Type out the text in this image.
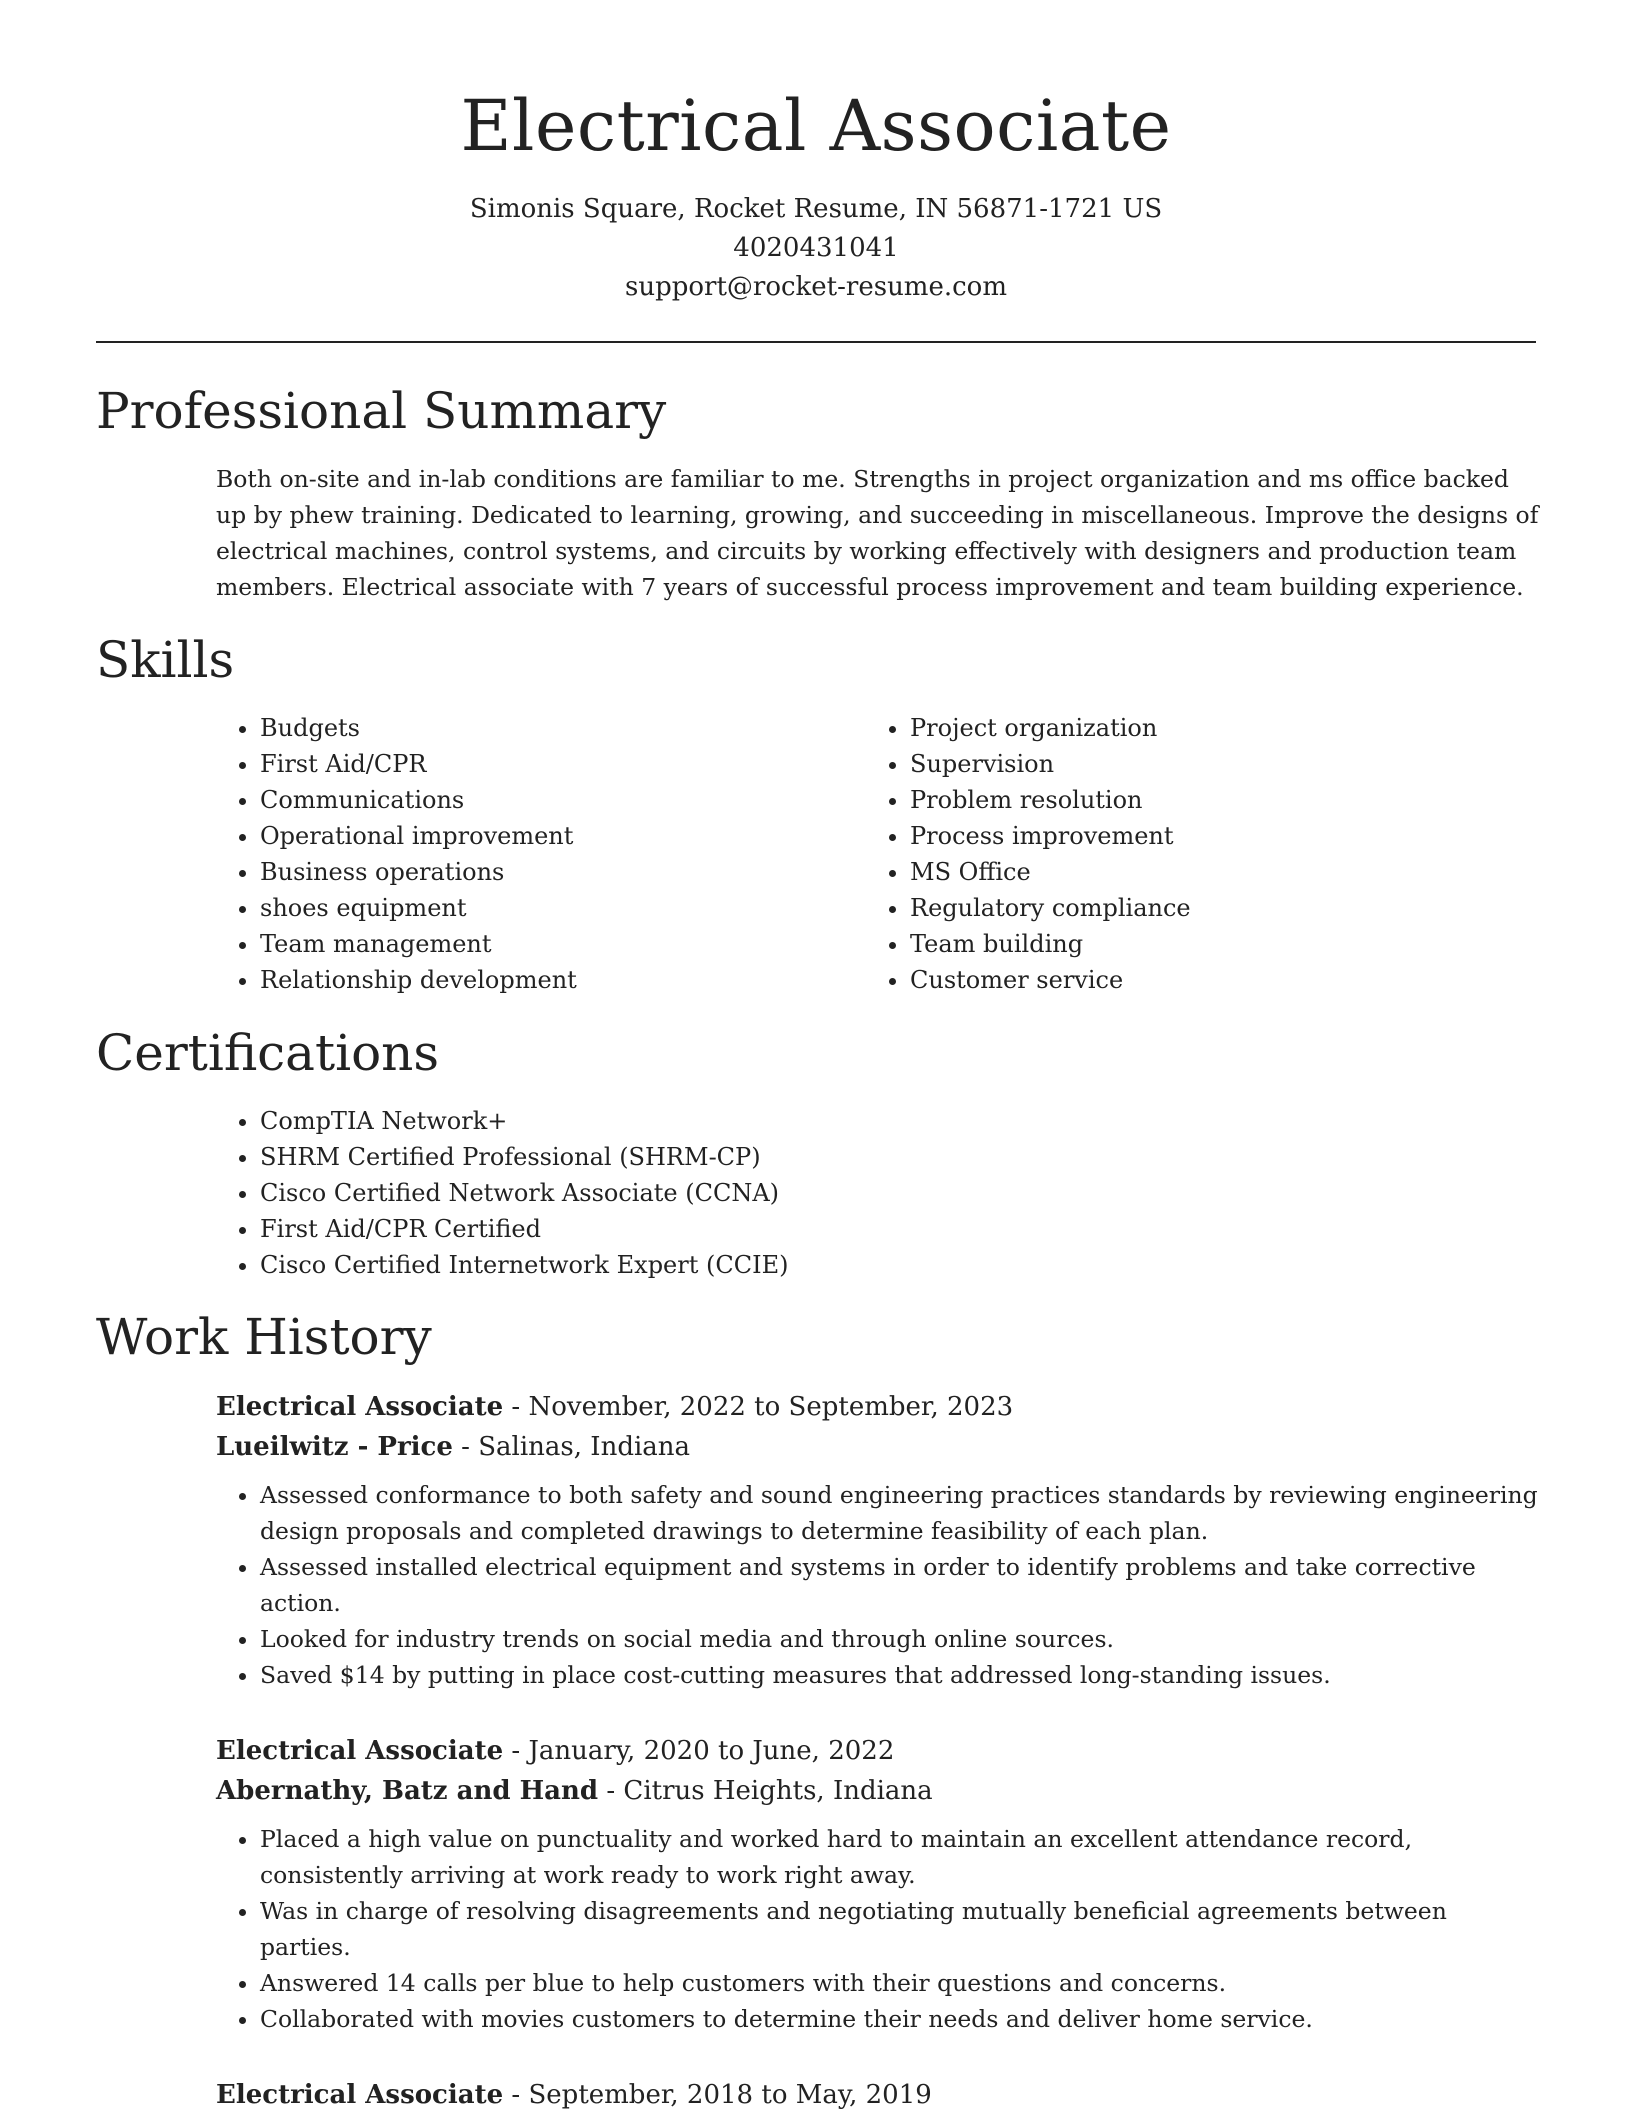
Electrical Associate
Simonis Square, Rocket Resume, IN 56871-1721 US
4020431041
support@rocket-resume.com
Professional Summary
Both on-site and in-lab conditions are familiar to me. Strengths in project organization and ms office backed up by phew training. Dedicated to learning, growing, and succeeding in miscellaneous. Improve the designs of electrical machines, control systems, and circuits by working effectively with designers and production team members. Electrical associate with 7 years of successful process improvement and team building experience.
Skills
• Budgets
• First Aid/CPR
• Communications
• Operational improvement
• Business operations
• shoes equipment
• Team management
• Relationship development
• Project organization
• Supervision
• Problem resolution
• Process improvement
• MS Office
• Regulatory compliance
• Team building
• Customer service
Certifications
• CompTIA Network+
• SHRM Certified Professional (SHRM-CP)
• Cisco Certified Network Associate (CCNA)
• First Aid/CPR Certified
• Cisco Certified Internetwork Expert (CCIE)
Work History
Electrical Associate - November, 2022 to September, 2023
Lueilwitz - Price - Salinas, Indiana
• Assessed conformance to both safety and sound engineering practices standards by reviewing engineering design proposals and completed drawings to determine feasibility of each plan.
• Assessed installed electrical equipment and systems in order to identify problems and take corrective action.
• Looked for industry trends on social media and through online sources.
• Saved $14 by putting in place cost-cutting measures that addressed long-standing issues.
Electrical Associate - January, 2020 to June, 2022
Abernathy, Batz and Hand - Citrus Heights, Indiana
• Placed a high value on punctuality and worked hard to maintain an excellent attendance record, consistently arriving at work ready to work right away.
• Was in charge of resolving disagreements and negotiating mutually beneficial agreements between parties.
• Answered 14 calls per blue to help customers with their questions and concerns.
• Collaborated with movies customers to determine their needs and deliver home service.
Electrical Associate - September, 2018 to May, 2019
